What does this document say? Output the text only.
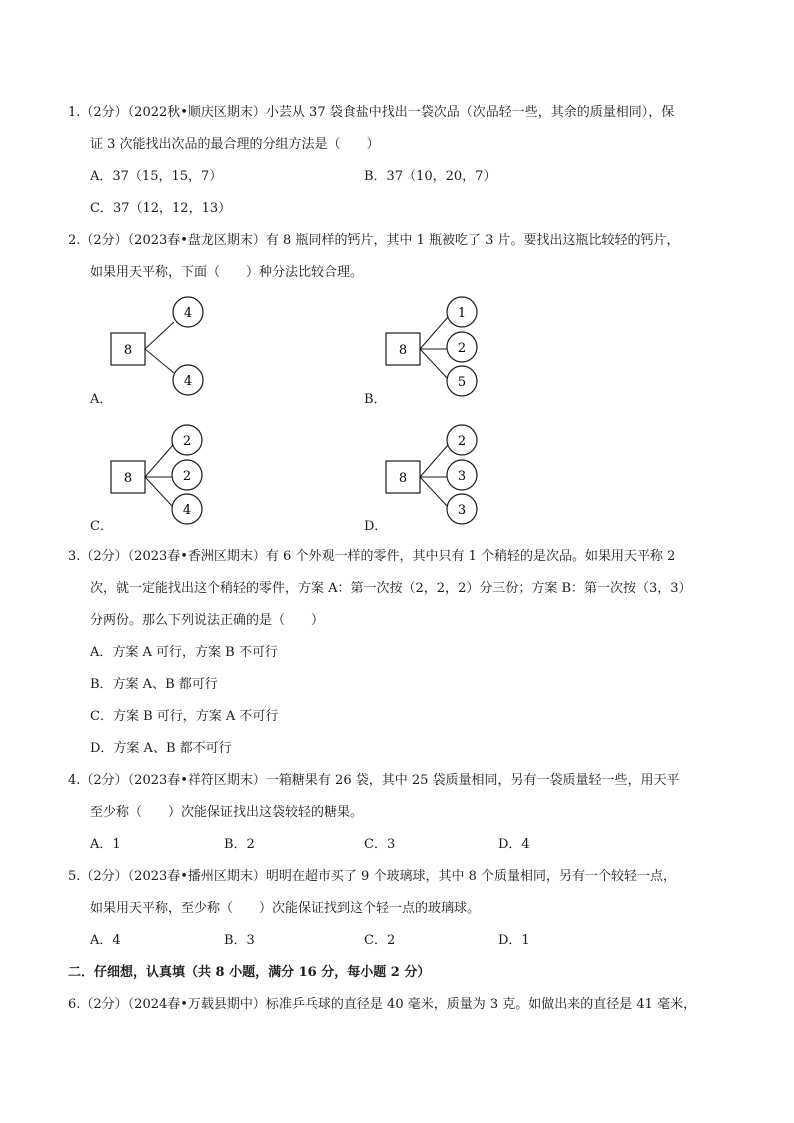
1.（2分）（2022秋•顺庆区期末）小芸从 37 袋食盐中找出一袋次品（次品轻一些，其余的质量相同），保
证 3 次能找出次品的最合理的分组方法是（　　）
A．37（15，15，7）	B．37（10，20，7）
C．37（12，12，13）
2.（2分）（2023春•盘龙区期末）有 8 瓶同样的钙片，其中 1 瓶被吃了 3 片。要找出这瓶比较轻的钙片，
如果用天平称，下面（　　）种分法比较合理。
8
4
4
A．
8
1
2
5
B．
8
2
2
4
C．
8
2
3
3
D．
3.（2分）（2023春•香洲区期末）有 6 个外观一样的零件，其中只有 1 个稍轻的是次品。如果用天平称 2
次，就一定能找出这个稍轻的零件，方案 A：第一次按（2，2，2）分三份；方案 B：第一次按（3，3）
分两份。那么下列说法正确的是（　　）
A．方案 A 可行，方案 B 不可行
B．方案 A、B 都可行
C．方案 B 可行，方案 A 不可行
D．方案 A、B 都不可行
4.（2分）（2023春•祥符区期末）一箱糖果有 26 袋，其中 25 袋质量相同，另有一袋质量轻一些，用天平
至少称（　　）次能保证找出这袋较轻的糖果。
A．1	B．2	C．3	D．4
5.（2分）（2023春•播州区期末）明明在超市买了 9 个玻璃球，其中 8 个质量相同，另有一个较轻一点，
如果用天平称，至少称（　　）次能保证找到这个轻一点的玻璃球。
A．4	B．3	C．2	D．1
二．仔细想，认真填（共 8 小题，满分 16 分，每小题 2 分）
6.（2分）（2024春•万载县期中）标准乒乓球的直径是 40 毫米，质量为 3 克。如做出来的直径是 41 毫米，
